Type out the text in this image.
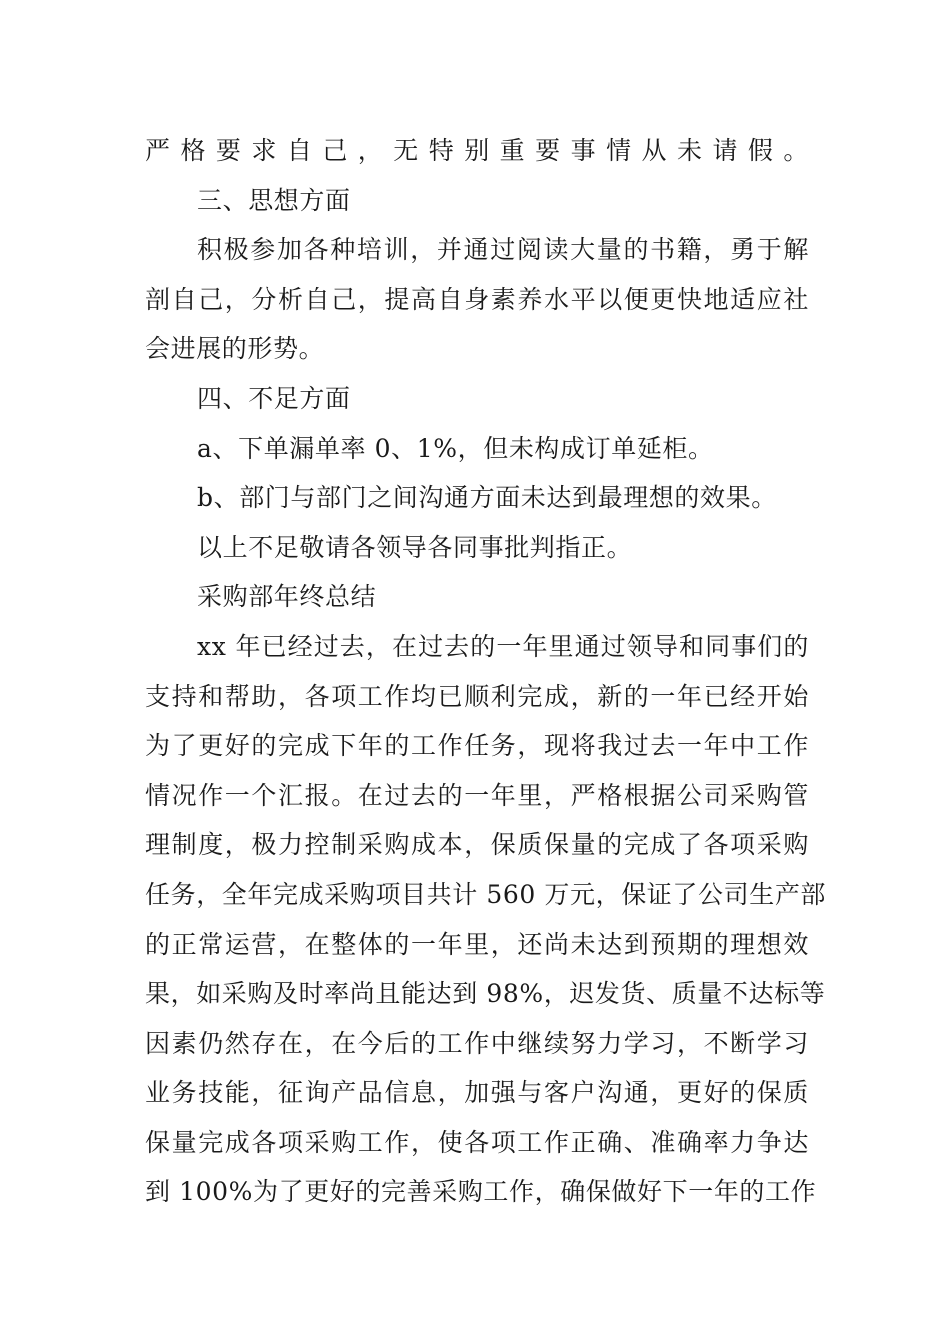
严格要求自己，无特别重要事情从未请假。
三、思想方面
积极参加各种培训，并通过阅读大量的书籍，勇于解
剖自己，分析自己，提高自身素养水平以便更快地适应社
会进展的形势。
四、不足方面
a、下单漏单率 0、1%，但未构成订单延柜。
b、部门与部门之间沟通方面未达到最理想的效果。
以上不足敬请各领导各同事批判指正。
采购部年终总结
xx 年已经过去，在过去的一年里通过领导和同事们的
支持和帮助，各项工作均已顺利完成，新的一年已经开始
为了更好的完成下年的工作任务，现将我过去一年中工作
情况作一个汇报。在过去的一年里，严格根据公司采购管
理制度，极力控制采购成本，保质保量的完成了各项采购
任务，全年完成采购项目共计 560 万元，保证了公司生产部
的正常运营，在整体的一年里，还尚未达到预期的理想效
果，如采购及时率尚且能达到 98%，迟发货、质量不达标等
因素仍然存在，在今后的工作中继续努力学习，不断学习
业务技能，征询产品信息，加强与客户沟通，更好的保质
保量完成各项采购工作，使各项工作正确、准确率力争达
到 100%为了更好的完善采购工作，确保做好下一年的工作
